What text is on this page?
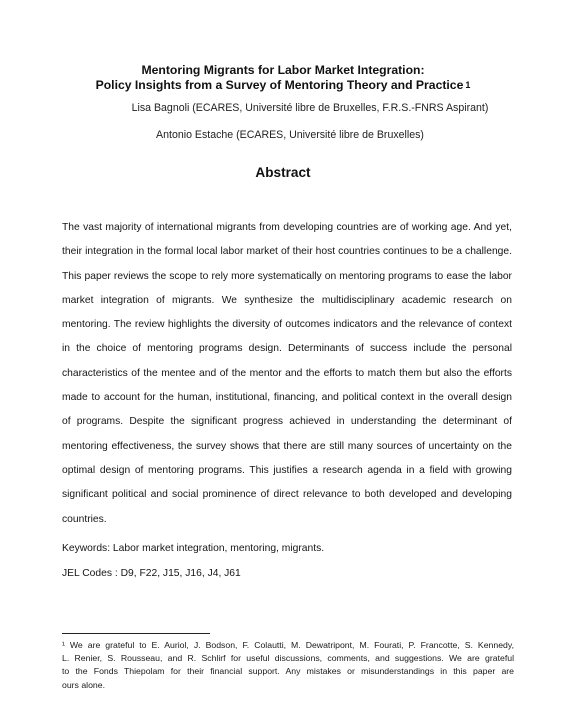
Mentoring Migrants for Labor Market Integration:
Policy Insights from a Survey of Mentoring Theory and Practice $^1$
Lisa Bagnoli (ECARES, Université libre de Bruxelles, F.R.S.-FNRS Aspirant)
Antonio Estache (ECARES, Université libre de Bruxelles)
Abstract
The vast majority of international migrants from developing countries are of working age. And yet,
their integration in the formal local labor market of their host countries continues to be a challenge.
This paper reviews the scope to rely more systematically on mentoring programs to ease the labor
market integration of migrants. We synthesize the multidisciplinary academic research on
mentoring. The review highlights the diversity of outcomes indicators and the relevance of context
in the choice of mentoring programs design. Determinants of success include the personal
characteristics of the mentee and of the mentor and the efforts to match them but also the efforts
made to account for the human, institutional, financing, and political context in the overall design
of programs. Despite the significant progress achieved in understanding the determinant of
mentoring effectiveness, the survey shows that there are still many sources of uncertainty on the
optimal design of mentoring programs. This justifies a research agenda in a field with growing
significant political and social prominence of direct relevance to both developed and developing
countries.
Keywords: Labor market integration, mentoring, migrants.
JEL Codes : D9, F22, J15, J16, J4, J61
¹ We are grateful to E. Auriol, J. Bodson, F. Colautti, M. Dewatripont, M. Fourati, P. Francotte, S. Kennedy,
L. Renier, S. Rousseau, and R. Schlirf for useful discussions, comments, and suggestions. We are grateful
to the Fonds Thiepolam for their financial support. Any mistakes or misunderstandings in this paper are
ours alone.
